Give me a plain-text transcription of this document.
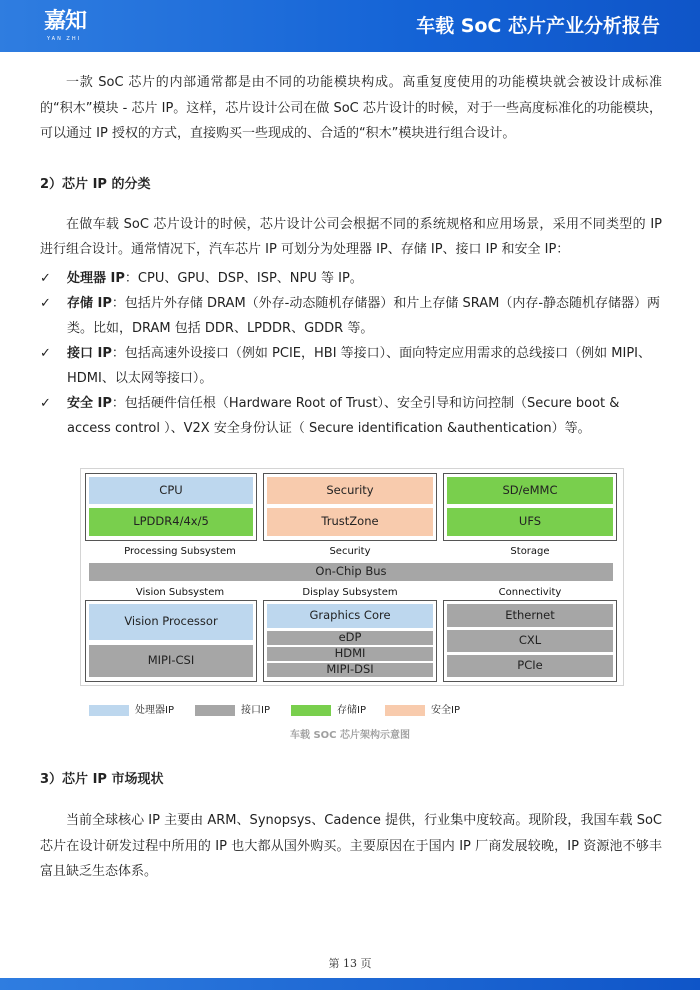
嘉知
YAN ZHI
车载 SoC 芯片产业分析报告

一款 SoC 芯片的内部通常都是由不同的功能模块构成。高重复度使用的功能模块就会被设计成标准的“积木”模块 - 芯片 IP。这样，芯片设计公司在做 SoC 芯片设计的时候，对于一些高度标准化的功能模块，可以通过 IP 授权的方式，直接购买一些现成的、合适的“积木”模块进行组合设计。

2）芯片 IP 的分类

在做车载 SoC 芯片设计的时候，芯片设计公司会根据不同的系统规格和应用场景，采用不同类型的 IP 进行组合设计。通常情况下，汽车芯片 IP 可划分为处理器 IP、存储 IP、接口 IP 和安全 IP：

✓	处理器 IP：CPU、GPU、DSP、ISP、NPU 等 IP。
✓	存储 IP：包括片外存储 DRAM（外存-动态随机存储器）和片上存储 SRAM（内存-静态随机存储器）两类。比如，DRAM 包括 DDR、LPDDR、GDDR 等。
✓	接口 IP：包括高速外设接口（例如 PCIE，HBI 等接口）、面向特定应用需求的总线接口（例如 MIPI、HDMI、以太网等接口）。
✓	安全 IP：包括硬件信任根（Hardware Root of Trust）、安全引导和访问控制（Secure boot & access control ）、V2X 安全身份认证（ Secure identification &authentication）等。
CPU
LPDDR4/4x/5
Processing Subsystem
Security
TrustZone
Security
SD/eMMC
UFS
Storage
On-Chip Bus
Vision Subsystem	Display Subsystem	Connectivity
Vision Processor
MIPI-CSI
Graphics Core
eDP
HDMI
MIPI-DSI
Ethernet
CXL
PCIe
处理器IP	接口IP	存储IP	安全IP
车载 SOC 芯片架构示意图
3）芯片 IP 市场现状

当前全球核心 IP 主要由 ARM、Synopsys、Cadence 提供，行业集中度较高。现阶段，我国车载 SoC 芯片在设计研发过程中所用的 IP 也大都从国外购买。主要原因在于国内 IP 厂商发展较晚，IP 资源池不够丰富且缺乏生态体系。

第 13 页
